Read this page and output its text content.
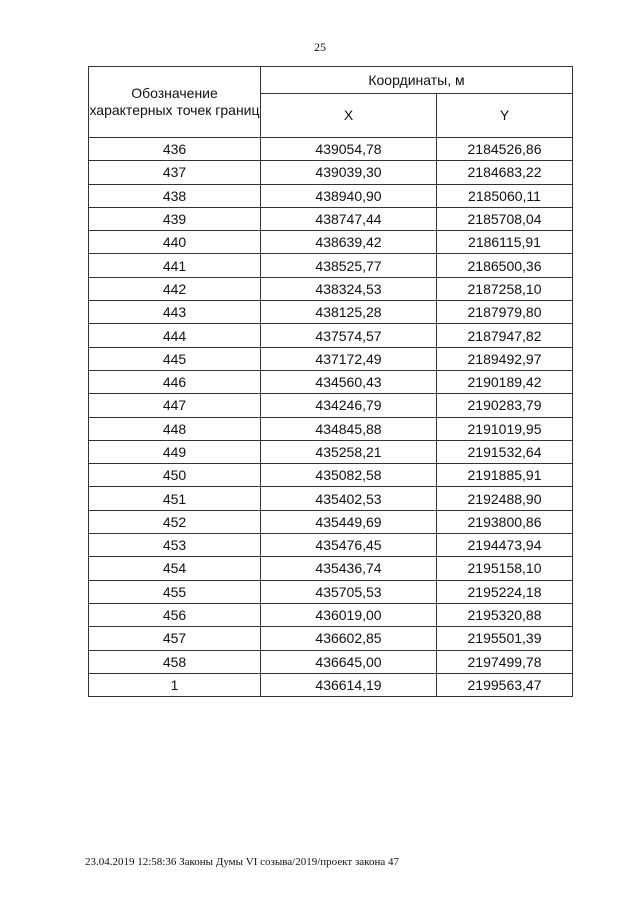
25
Обозначение характерных точек границ	Координаты, м	
	X	Y
436	439054,78	2184526,86
437	439039,30	2184683,22
438	438940,90	2185060,11
439	438747,44	2185708,04
440	438639,42	2186115,91
441	438525,77	2186500,36
442	438324,53	2187258,10
443	438125,28	2187979,80
444	437574,57	2187947,82
445	437172,49	2189492,97
446	434560,43	2190189,42
447	434246,79	2190283,79
448	434845,88	2191019,95
449	435258,21	2191532,64
450	435082,58	2191885,91
451	435402,53	2192488,90
452	435449,69	2193800,86
453	435476,45	2194473,94
454	435436,74	2195158,10
455	435705,53	2195224,18
456	436019,00	2195320,88
457	436602,85	2195501,39
458	436645,00	2197499,78
1	436614,19	2199563,47
23.04.2019 12:58:36 Законы Думы VI созыва/2019/проект закона 47
